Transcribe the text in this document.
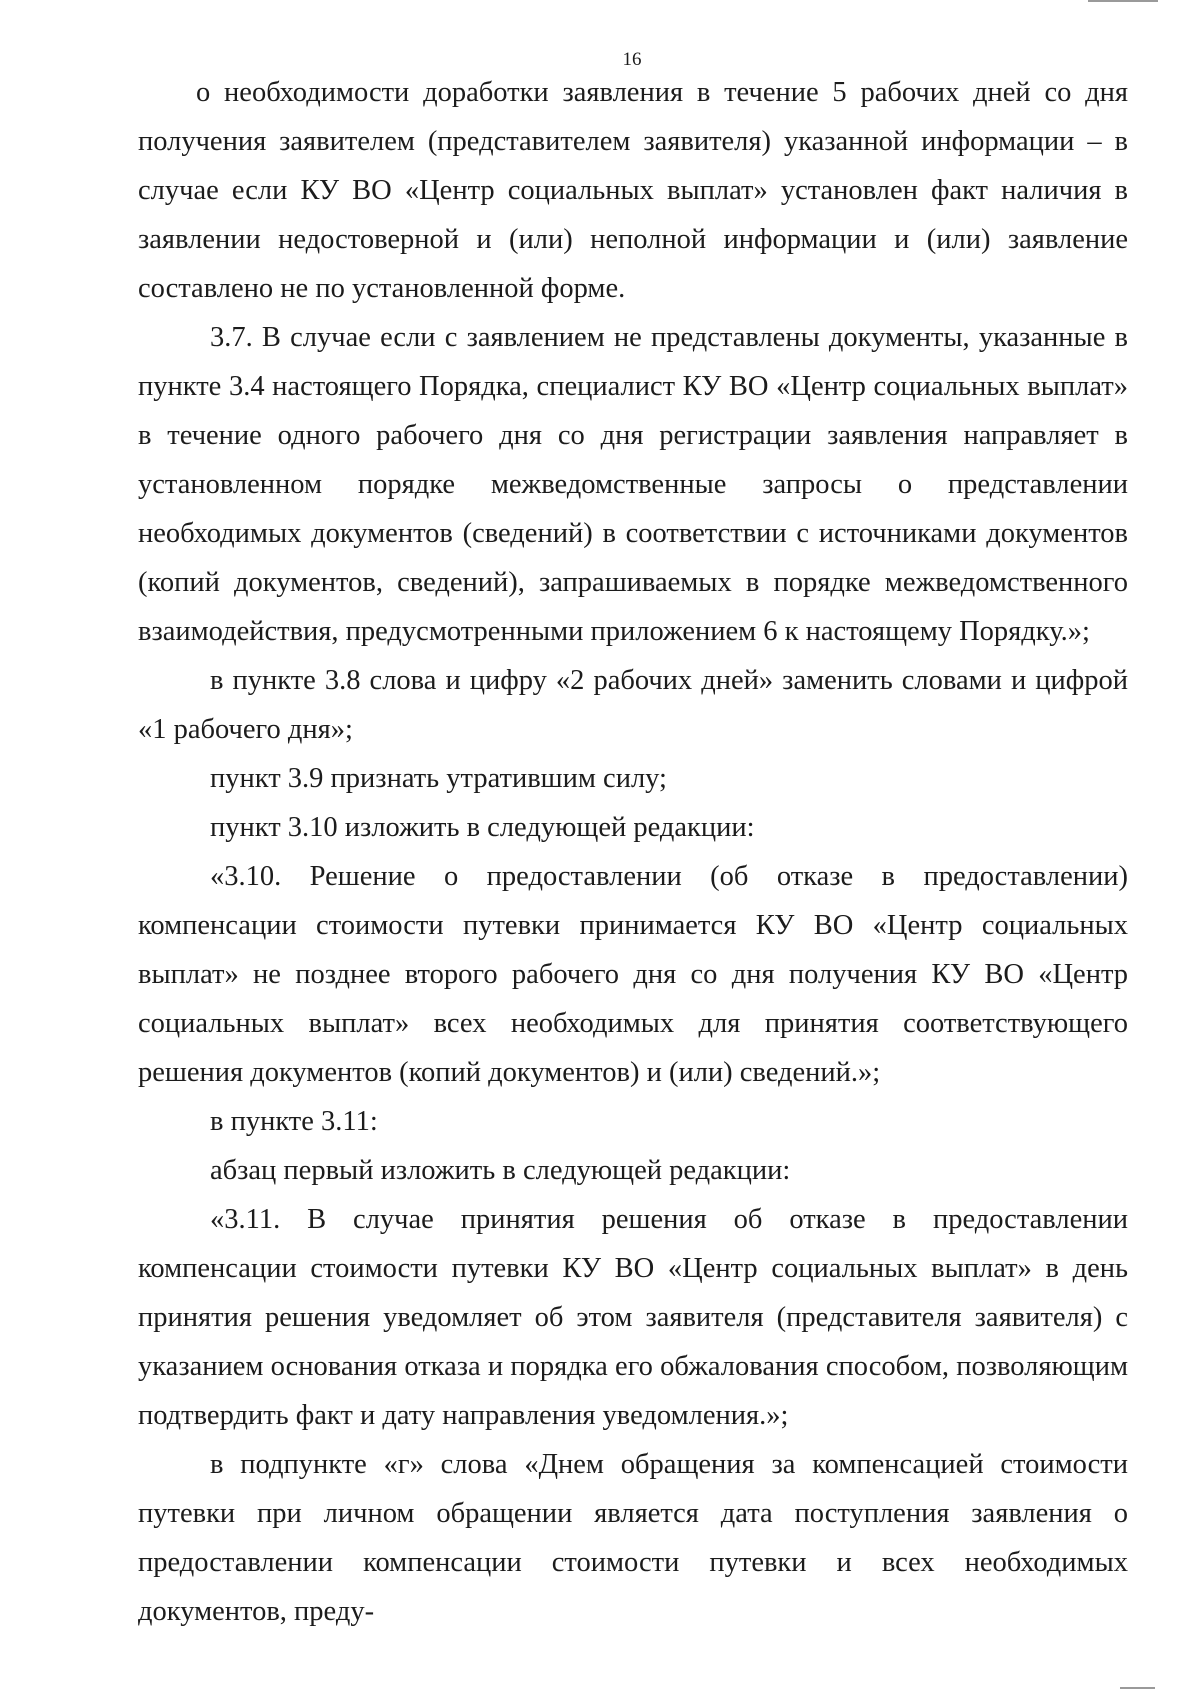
16

о необходимости доработки заявления в течение 5 рабочих дней со дня получения заявителем (представителем заявителя) указанной информации – в случае если КУ ВО «Центр социальных выплат» установлен факт наличия в заявлении недостоверной и (или) неполной информации и (или) заявление составлено не по установленной форме.

3.7. В случае если с заявлением не представлены документы, указанные в пункте 3.4 настоящего Порядка, специалист КУ ВО «Центр социальных выплат» в течение одного рабочего дня со дня регистрации заявления направляет в установленном порядке межведомственные запросы о представлении необходимых документов (сведений) в соответствии с источниками документов (копий документов, сведений), запрашиваемых в порядке межведомственного взаимодействия, предусмотренными приложением 6 к настоящему Порядку.»;

в пункте 3.8 слова и цифру «2 рабочих дней» заменить словами и цифрой «1 рабочего дня»;

пункт 3.9 признать утратившим силу;

пункт 3.10 изложить в следующей редакции:

«3.10. Решение о предоставлении (об отказе в предоставлении) компенсации стоимости путевки принимается КУ ВО «Центр социальных выплат» не позднее второго рабочего дня со дня получения КУ ВО «Центр социальных выплат» всех необходимых для принятия соответствующего решения документов (копий документов) и (или) сведений.»;

в пункте 3.11:

абзац первый изложить в следующей редакции:

«3.11. В случае принятия решения об отказе в предоставлении компенсации стоимости путевки КУ ВО «Центр социальных выплат» в день принятия решения уведомляет об этом заявителя (представителя заявителя) с указанием основания отказа и порядка его обжалования способом, позволяющим подтвердить факт и дату направления уведомления.»;

в подпункте «г» слова «Днем обращения за компенсацией стоимости путевки при личном обращении является дата поступления заявления о предоставлении компенсации стоимости путевки и всех необходимых документов, преду-
